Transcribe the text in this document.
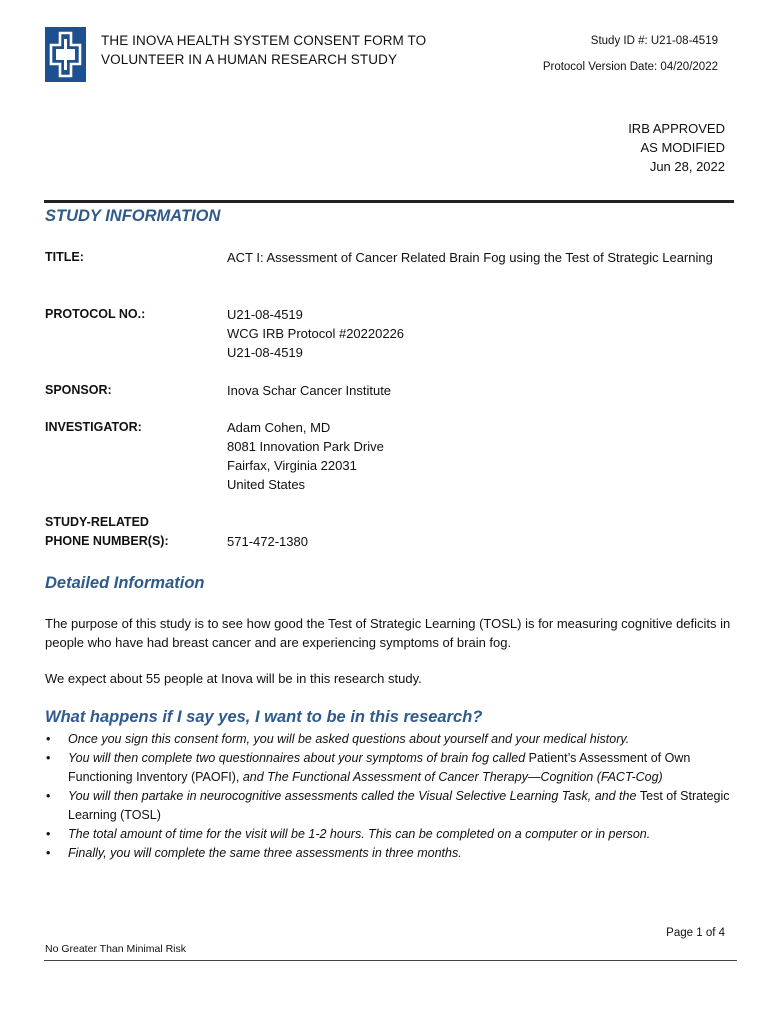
THE INOVA HEALTH SYSTEM CONSENT FORM TO
VOLUNTEER IN A HUMAN RESEARCH STUDY
Study ID #: U21-08-4519
Protocol Version Date: 04/20/2022
IRB APPROVED
AS MODIFIED
Jun 28, 2022
STUDY INFORMATION
TITLE:	ACT I: Assessment of Cancer Related Brain Fog using the Test of Strategic Learning
PROTOCOL NO.:	U21-08-4519
WCG IRB Protocol #20220226
U21-08-4519
SPONSOR:	Inova Schar Cancer Institute
INVESTIGATOR:	Adam Cohen, MD
8081 Innovation Park Drive
Fairfax, Virginia 22031
United States
STUDY-RELATED
PHONE NUMBER(S):	571-472-1380
Detailed Information
The purpose of this study is to see how good the Test of Strategic Learning (TOSL) is for measuring cognitive deficits in people who have had breast cancer and are experiencing symptoms of brain fog.
We expect about 55 people at Inova will be in this research study.
What happens if I say yes, I want to be in this research?
• Once you sign this consent form, you will be asked questions about yourself and your medical history.
• You will then complete two questionnaires about your symptoms of brain fog called Patient’s Assessment of Own Functioning Inventory (PAOFI), and The Functional Assessment of Cancer Therapy—Cognition (FACT-Cog)
• You will then partake in neurocognitive assessments called the Visual Selective Learning Task, and the Test of Strategic Learning (TOSL)
• The total amount of time for the visit will be 1-2 hours. This can be completed on a computer or in person.
• Finally, you will complete the same three assessments in three months.
Page 1 of 4
No Greater Than Minimal Risk
